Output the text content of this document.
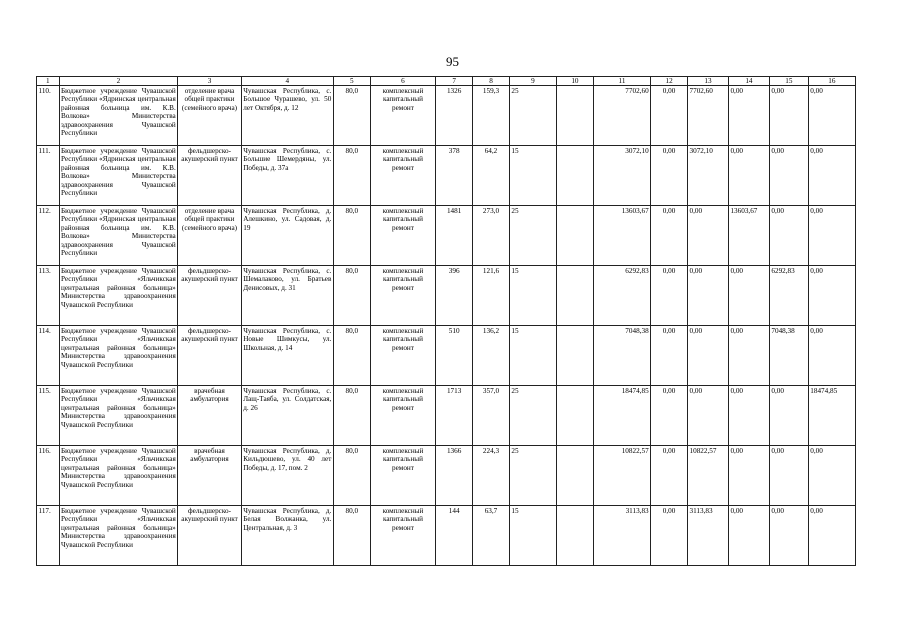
95
1	2	3	4	5	6	7	8	9	10	11	12	13	14	15	16
110.	Бюджетное учреждение Чувашской Республики «Ядринская центральная районная больница им. К.В. Волкова» Министерства здравоохранения Чувашской Республики	отделение врача общей практики (семейного врача)	Чувашская Республика, с. Большое Чурашево, ул. 50 лет Октября, д. 12	80,0	комплексный капитальный ремонт	1326	159,3	25		7702,60	0,00	7702,60	0,00	0,00	0,00
111.	Бюджетное учреждение Чувашской Республики «Ядринская центральная районная больница им. К.В. Волкова» Министерства здравоохранения Чувашской Республики	фельдшерско-акушерский пункт	Чувашская Республика, с. Большие Шемердяны, ул. Победы, д. 37а	80,0	комплексный капитальный ремонт	378	64,2	15		3072,10	0,00	3072,10	0,00	0,00	0,00
112.	Бюджетное учреждение Чувашской Республики «Ядринская центральная районная больница им. К.В. Волкова» Министерства здравоохранения Чувашской Республики	отделение врача общей практики (семейного врача)	Чувашская Республика, д. Алешкино, ул. Садовая, д. 19	80,0	комплексный капитальный ремонт	1481	273,0	25		13603,67	0,00	0,00	13603,67	0,00	0,00
113.	Бюджетное учреждение Чувашской Республики «Яльчикская центральная районная больница» Министерства здравоохранения Чувашской Республики	фельдшерско-акушерский пункт	Чувашская Республика, с. Шемалаково, ул. Братьев Денисовых, д. 31	80,0	комплексный капитальный ремонт	396	121,6	15		6292,83	0,00	0,00	0,00	6292,83	0,00
114.	Бюджетное учреждение Чувашской Республики «Яльчикская центральная районная больница» Министерства здравоохранения Чувашской Республики	фельдшерско-акушерский пункт	Чувашская Республика, с. Новые Шимкусы, ул. Школьная, д. 14	80,0	комплексный капитальный ремонт	510	136,2	15		7048,38	0,00	0,00	0,00	7048,38	0,00
115.	Бюджетное учреждение Чувашской Республики «Яльчикская центральная районная больница» Министерства здравоохранения Чувашской Республики	врачебная амбулатория	Чувашская Республика, с. Лащ-Таяба, ул. Солдатская, д. 26	80,0	комплексный капитальный ремонт	1713	357,0	25		18474,85	0,00	0,00	0,00	0,00	18474,85
116.	Бюджетное учреждение Чувашской Республики «Яльчикская центральная районная больница» Министерства здравоохранения Чувашской Республики	врачебная амбулатория	Чувашская Республика, д. Кильдюшево, ул. 40 лет Победы, д. 17, пом. 2	80,0	комплексный капитальный ремонт	1366	224,3	25		10822,57	0,00	10822,57	0,00	0,00	0,00
117.	Бюджетное учреждение Чувашской Республики «Яльчикская центральная районная больница» Министерства здравоохранения Чувашской Республики	фельдшерско-акушерский пункт	Чувашская Республика, д. Белая Волжанка, ул. Центральная, д. 3	80,0	комплексный капитальный ремонт	144	63,7	15		3113,83	0,00	3113,83	0,00	0,00	0,00
